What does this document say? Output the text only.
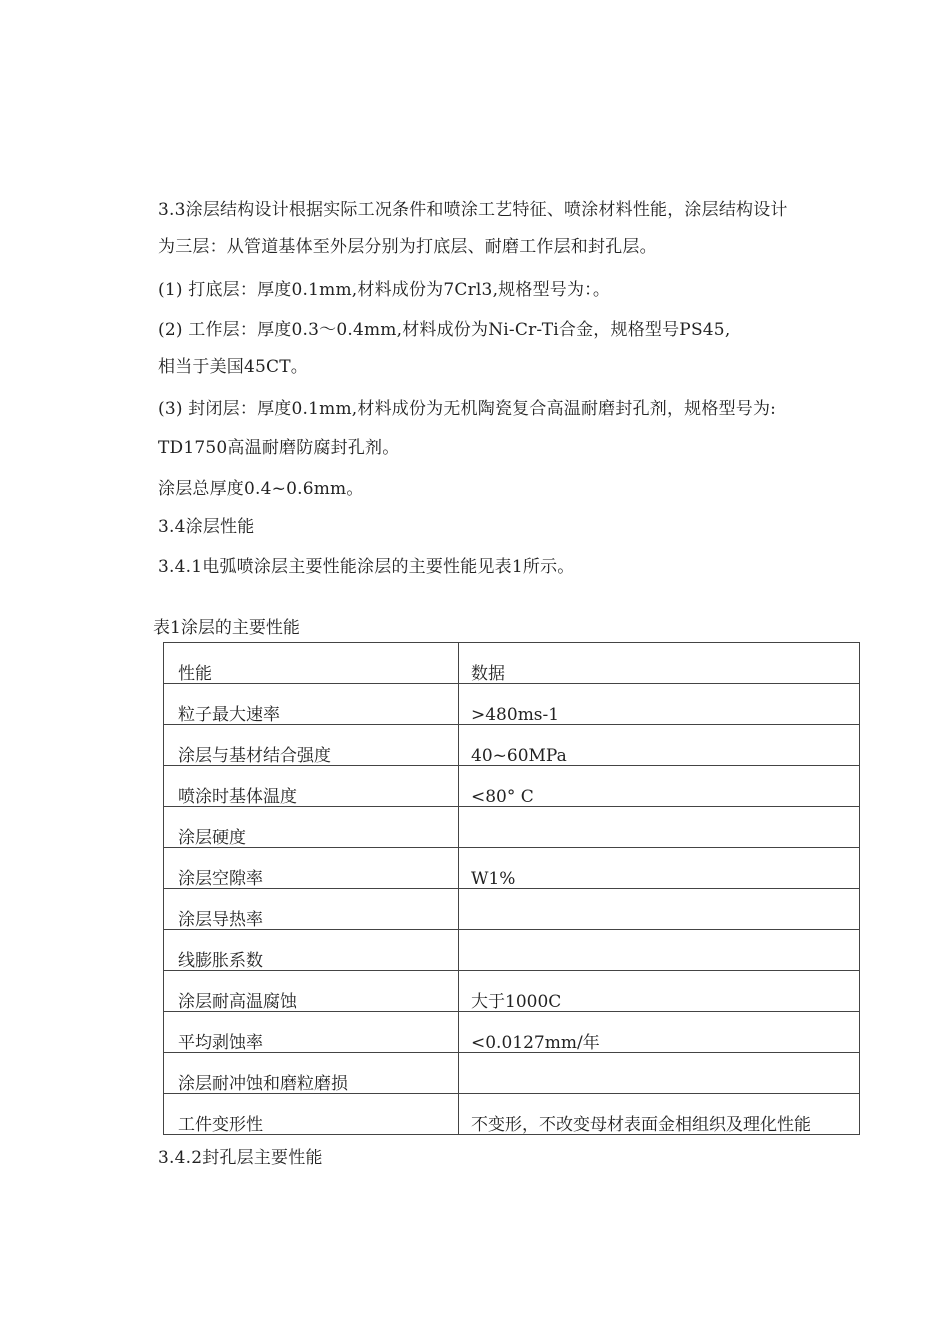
3.3涂层结构设计根据实际工况条件和喷涂工艺特征、喷涂材料性能，涂层结构设计
为三层：从管道基体至外层分别为打底层、耐磨工作层和封孔层。
(1) 打底层：厚度0.1mm,材料成份为7Crl3,规格型号为：。
(2) 工作层：厚度0.3〜0.4mm,材料成份为Ni-Cr-Ti合金，规格型号PS45,
相当于美国45CT。
(3) 封闭层：厚度0.1mm,材料成份为无机陶瓷复合高温耐磨封孔剂，规格型号为:
TD1750高温耐磨防腐封孔剂。
涂层总厚度0.4~0.6mm。
3.4涂层性能
3.4.1电弧喷涂层主要性能涂层的主要性能见表1所示。
表1涂层的主要性能
性能	数据
粒子最大速率	>480ms-1
涂层与基材结合强度	40~60MPa
喷涂时基体温度	<80° C
涂层硬度	
涂层空隙率	W1%
涂层导热率	
线膨胀系数	
涂层耐高温腐蚀	大于1000C
平均剥蚀率	<0.0127mm/年
涂层耐冲蚀和磨粒磨损	
工件变形性	不变形，不改变母材表面金相组织及理化性能
3.4.2封孔层主要性能
